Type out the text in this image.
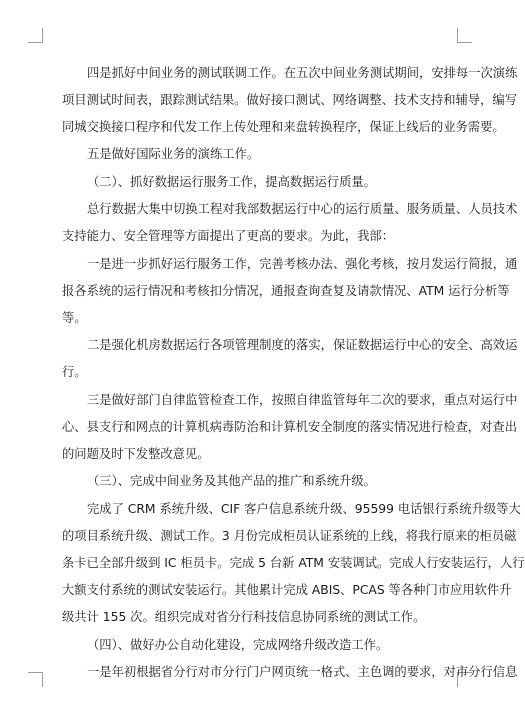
四是抓好中间业务的测试联调工作。在五次中间业务测试期间，安排每一次演练
项目测试时间表，跟踪测试结果。做好接口测试、网络调整、技术支持和辅导，编写
同城交换接口程序和代发工作上传处理和来盘转换程序，保证上线后的业务需要。
五是做好国际业务的演练工作。
（二）、抓好数据运行服务工作，提高数据运行质量。
总行数据大集中切换工程对我部数据运行中心的运行质量、服务质量、人员技术
支持能力、安全管理等方面提出了更高的要求。为此，我部：
一是进一步抓好运行服务工作，完善考核办法、强化考核，按月发运行简报，通
报各系统的运行情况和考核扣分情况，通报查询查复及请款情况、ATM 运行分析等
等。
二是强化机房数据运行各项管理制度的落实，保证数据运行中心的安全、高效运
行。
三是做好部门自律监管检查工作，按照自律监管每年二次的要求，重点对运行中
心、县支行和网点的计算机病毒防治和计算机安全制度的落实情况进行检查，对查出
的问题及时下发整改意见。
（三）、完成中间业务及其他产品的推广和系统升级。
完成了 CRM 系统升级、CIF 客户信息系统升级、95599 电话银行系统升级等大
的项目系统升级、测试工作。3 月份完成柜员认证系统的上线，将我行原来的柜员磁
条卡已全部升级到 IC 柜员卡。完成 5 台新 ATM 安装调试。完成人行安装运行，人行
大额支付系统的测试安装运行。其他累计完成 ABIS、PCAS 等各种门市应用软件升
级共计 155 次。组织完成对省分行科技信息协同系统的测试工作。
（四）、做好办公自动化建设，完成网络升级改造工作。
一是年初根据省分行对市分行门户网页统一格式、主色调的要求，对市分行信息
